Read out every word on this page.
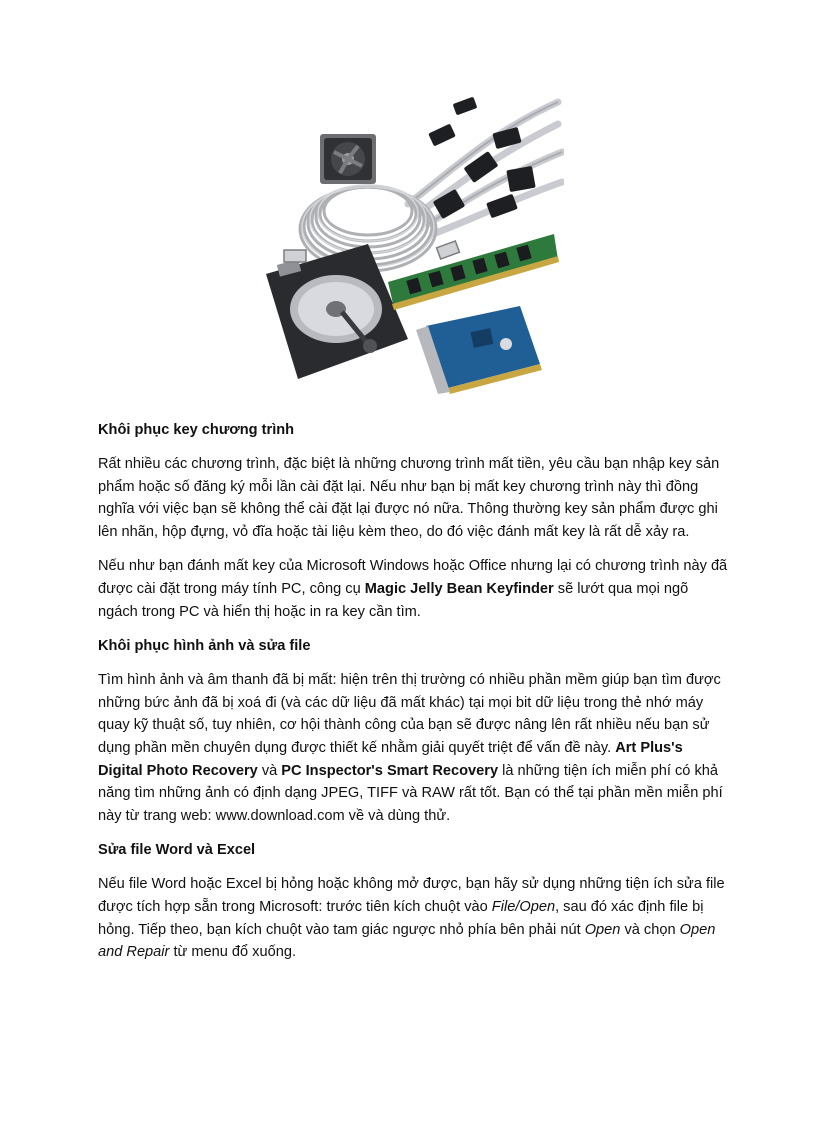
Khôi phục key chương trình

Rất nhiều các chương trình, đặc biệt là những chương trình mất tiền, yêu cầu bạn nhập key sản phẩm hoặc số đăng ký mỗi lần cài đặt lại. Nếu như bạn bị mất key chương trình này thì đồng nghĩa với việc bạn sẽ không thể cài đặt lại được nó nữa. Thông thường key sản phẩm được ghi lên nhãn, hộp đựng, vỏ đĩa hoặc tài liệu kèm theo, do đó việc đánh mất key là rất dễ xảy ra.

Nếu như bạn đánh mất key của Microsoft Windows hoặc Office nhưng lại có chương trình này đã được cài đặt trong máy tính PC, công cụ Magic Jelly Bean Keyfinder sẽ lướt qua mọi ngõ ngách trong PC và hiển thị hoặc in ra key cần tìm.

Khôi phục hình ảnh và sửa file

Tìm hình ảnh và âm thanh đã bị mất: hiện trên thị trường có nhiều phần mềm giúp bạn tìm được những bức ảnh đã bị xoá đi (và các dữ liệu đã mất khác) tại mọi bit dữ liệu trong thẻ nhớ máy quay kỹ thuật số, tuy nhiên, cơ hội thành công của bạn sẽ được nâng lên rất nhiều nếu bạn sử dụng phần mền chuyên dụng được thiết kế nhằm giải quyết triệt để vấn đề này. Art Plus's Digital Photo Recovery và PC Inspector's Smart Recovery là những tiện ích miễn phí có khả năng tìm những ảnh có định dạng JPEG, TIFF và RAW rất tốt. Bạn có thể tại phần mền miễn phí này từ trang web: www.download.com về và dùng thử.

Sửa file Word và Excel

Nếu file Word hoặc Excel bị hỏng hoặc không mở được, bạn hãy sử dụng những tiện ích sửa file được tích hợp sẵn trong Microsoft: trước tiên kích chuột vào File/Open, sau đó xác định file bị hỏng. Tiếp theo, bạn kích chuột vào tam giác ngược nhỏ phía bên phải nút Open và chọn Open and Repair từ menu đổ xuống.
